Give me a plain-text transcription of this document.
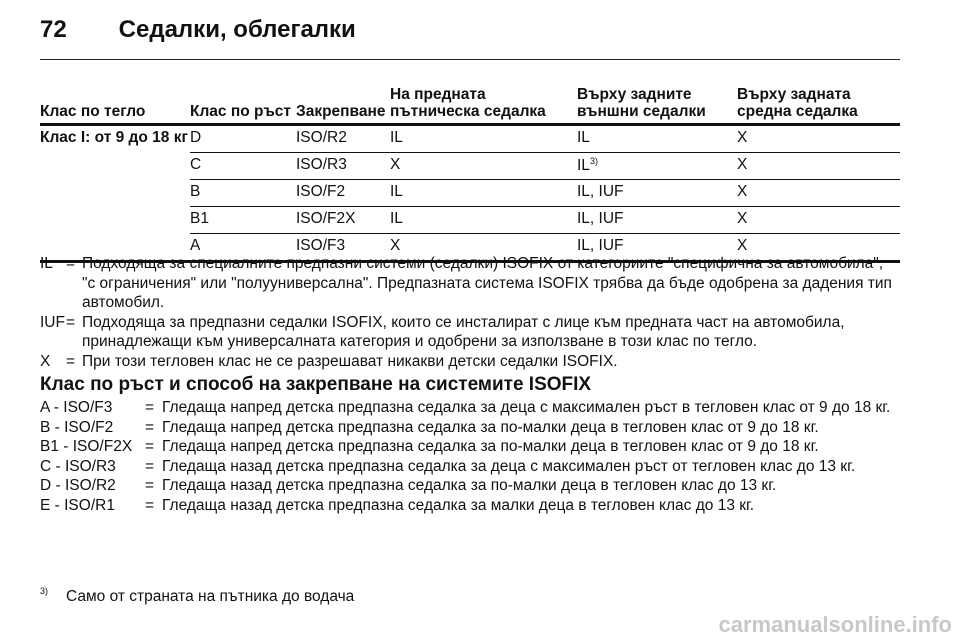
72 Седалки, облегалки
Клас по тегло	Клас по ръст	Закрепване	На предната пътническа седалка	Върху задните външни седалки	Върху задната средна седалка
Клас I: от 9 до 18 кг	D	ISO/R2	IL	IL	X
	C	ISO/R3	X	IL$^{3)}$	X
	B	ISO/F2	IL	IL, IUF	X
	B1	ISO/F2X	IL	IL, IUF	X
	A	ISO/F3	X	IL, IUF	X
IL = Подходяща за специалните предпазни системи (седалки) ISOFIX от категориите "специфична за автомобила", "с ограничения" или "полууниверсална". Предпазната система ISOFIX трябва да бъде одобрена за дадения тип автомобил.
IUF = Подходяща за предпазни седалки ISOFIX, които се инсталират с лице към предната част на автомобила, принадлежащи към универсалната категория и одобрени за използване в този клас по тегло.
X	= При този тегловен клас не се разрешават никакви детски седалки ISOFIX.
Клас по ръст и способ на закрепване на системите ISOFIX
A - ISO/F3	= Гледаща напред детска предпазна седалка за деца с максимален ръст в тегловен клас от 9 до 18 кг.
B - ISO/F2	= Гледаща напред детска предпазна седалка за по-малки деца в тегловен клас от 9 до 18 кг.
B1 - ISO/F2X = Гледаща напред детска предпазна седалка за по-малки деца в тегловен клас от 9 до 18 кг.
C - ISO/R3	= Гледаща назад детска предпазна седалка за деца с максимален ръст от тегловен клас до 13 кг.
D - ISO/R2	= Гледаща назад детска предпазна седалка за по-малки деца в тегловен клас до 13 кг.
E - ISO/R1	= Гледаща назад детска предпазна седалка за малки деца в тегловен клас до 13 кг.
$^{3)}$ Само от страната на пътника до водача
carmanualsonline.info
